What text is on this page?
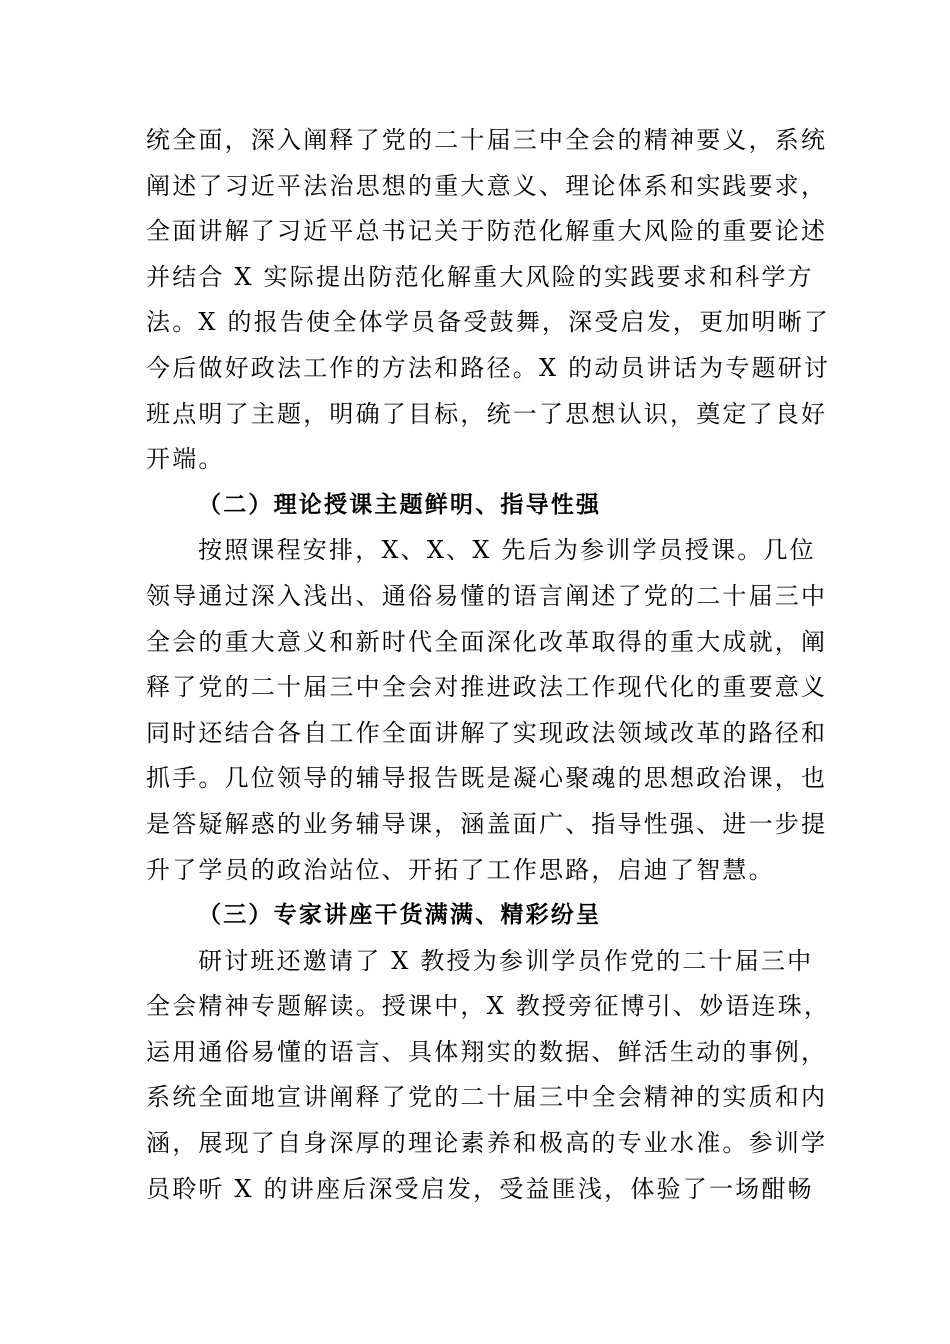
统全面，深入阐释了党的二十届三中全会的精神要义，系统
阐述了习近平法治思想的重大意义、理论体系和实践要求，
全面讲解了习近平总书记关于防范化解重大风险的重要论述
并结合 X 实际提出防范化解重大风险的实践要求和科学方
法。X 的报告使全体学员备受鼓舞，深受启发，更加明晰了
今后做好政法工作的方法和路径。X 的动员讲话为专题研讨
班点明了主题，明确了目标，统一了思想认识，奠定了良好
开端。
（二）理论授课主题鲜明、指导性强
按照课程安排，X、X、X 先后为参训学员授课。几位
领导通过深入浅出、通俗易懂的语言阐述了党的二十届三中
全会的重大意义和新时代全面深化改革取得的重大成就，阐
释了党的二十届三中全会对推进政法工作现代化的重要意义
同时还结合各自工作全面讲解了实现政法领域改革的路径和
抓手。几位领导的辅导报告既是凝心聚魂的思想政治课，也
是答疑解惑的业务辅导课，涵盖面广、指导性强、进一步提
升了学员的政治站位、开拓了工作思路，启迪了智慧。
（三）专家讲座干货满满、精彩纷呈
研讨班还邀请了 X 教授为参训学员作党的二十届三中
全会精神专题解读。授课中，X 教授旁征博引、妙语连珠，
运用通俗易懂的语言、具体翔实的数据、鲜活生动的事例，
系统全面地宣讲阐释了党的二十届三中全会精神的实质和内
涵，展现了自身深厚的理论素养和极高的专业水准。参训学
员聆听 X 的讲座后深受启发，受益匪浅，体验了一场酣畅
